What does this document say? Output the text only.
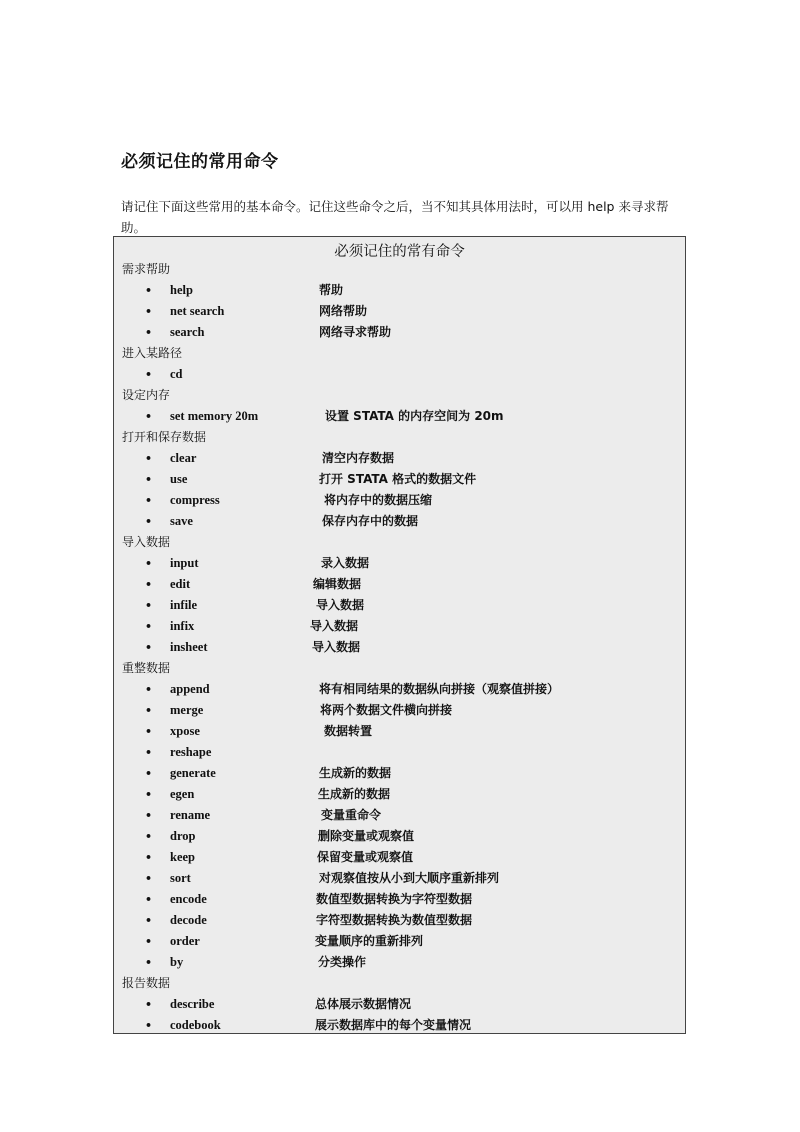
必须记住的常用命令
请记住下面这些常用的基本命令。记住这些命令之后，当不知其具体用法时，可以用 help 来寻求帮助。
必须记住的常有命令
需求帮助
• help	帮助
• net search	网络帮助
• search	网络寻求帮助
进入某路径
• cd
设定内存
• set memory 20m	设置 STATA 的内存空间为 20m
打开和保存数据
• clear	清空内存数据
• use	打开 STATA 格式的数据文件
• compress	将内存中的数据压缩
• save	保存内存中的数据
导入数据
• input	录入数据
• edit	编辑数据
• infile	导入数据
• infix	导入数据
• insheet	导入数据
重整数据
• append	将有相同结果的数据纵向拼接（观察值拼接）
• merge	将两个数据文件横向拼接
• xpose	数据转置
• reshape
• generate	生成新的数据
• egen	生成新的数据
• rename	变量重命令
• drop	删除变量或观察值
• keep	保留变量或观察值
• sort	对观察值按从小到大顺序重新排列
• encode	数值型数据转换为字符型数据
• decode	字符型数据转换为数值型数据
• order	变量顺序的重新排列
• by	分类操作
报告数据
• describe	总体展示数据情况
• codebook	展示数据库中的每个变量情况
